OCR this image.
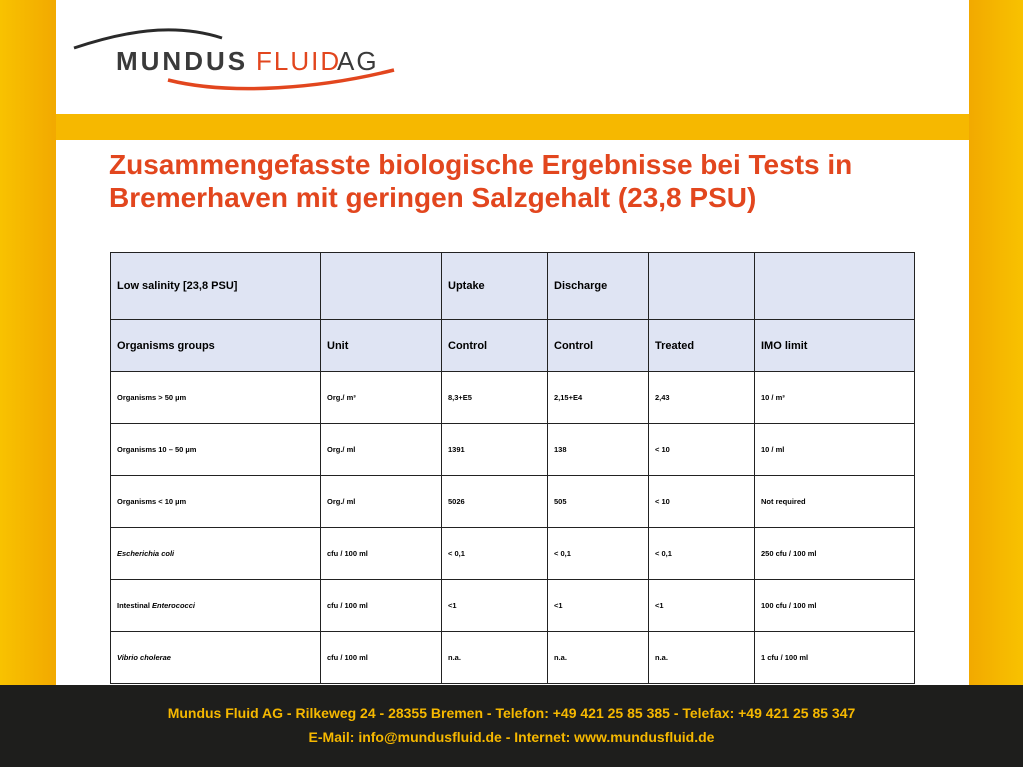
MUNDUS FLUID
AG
Zusammengefasste biologische Ergebnisse bei Tests in Bremerhaven mit geringen Salzgehalt (23,8 PSU)
Low salinity [23,8 PSU]		Uptake	Discharge		
Organisms groups	Unit	Control	Control	Treated	IMO limit
Organisms > 50 µm	Org./ m³	8,3+E5	2,15+E4	2,43	10 / m³
Organisms 10 – 50 µm	Org./ ml	1391	138	< 10	10 / ml
Organisms < 10 µm	Org./ ml	5026	505	< 10	Not required
Escherichia coli	cfu / 100 ml	< 0,1	< 0,1	< 0,1	250 cfu / 100 ml
Intestinal Enterococci	cfu / 100 ml	<1	<1	<1	100 cfu / 100 ml
Vibrio cholerae	cfu / 100 ml	n.a.	n.a.	n.a.	1 cfu / 100 ml
Mundus Fluid AG - Rilkeweg 24 - 28355 Bremen - Telefon: +49 421 25 85 385 - Telefax: +49 421 25 85 347
E-Mail: info@mundusfluid.de - Internet: www.mundusfluid.de
